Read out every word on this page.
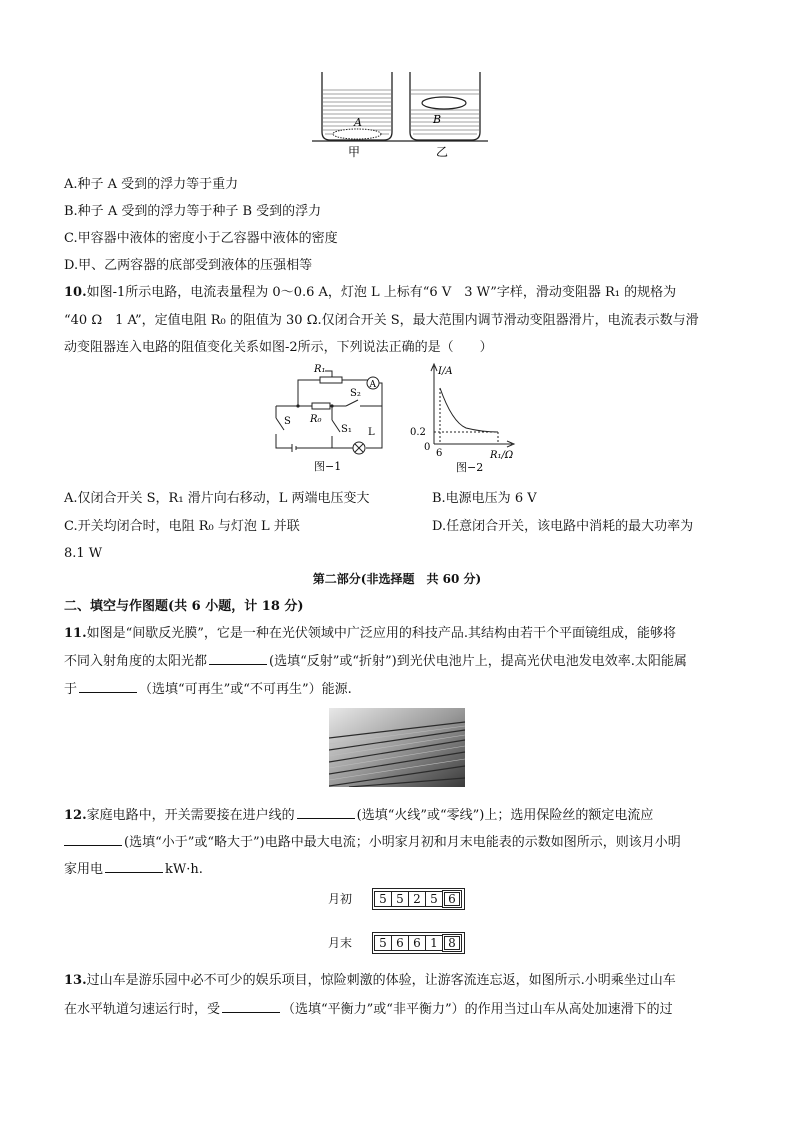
A	B
甲	乙
A.种子 A 受到的浮力等于重力
B.种子 A 受到的浮力等于种子 B 受到的浮力
C.甲容器中液体的密度小于乙容器中液体的密度
D.甲、乙两容器的底部受到液体的压强相等
10.如图-1所示电路，电流表量程为 0～0.6 A，灯泡 L 上标有“6 V　3 W”字样，滑动变阻器 R₁ 的规格为
“40 Ω　1 A”，定值电阻 R₀ 的阻值为 30 Ω.仅闭合开关 S，最大范围内调节滑动变阻器滑片，电流表示数与滑
动变阻器连入电路的阻值变化关系如图-2所示，下列说法正确的是（　　）
R₁
A
R₀
S₂
S
S₁ L
图−1
I/A
0.2
0
6	R₁/Ω
图−2
A.仅闭合开关 S，R₁ 滑片向右移动，L 两端电压变大	B.电源电压为 6 V
C.开关均闭合时，电阻 R₀ 与灯泡 L 并联	D.任意闭合开关，该电路中消耗的最大功率为
8.1 W
第二部分(非选择题　共 60 分)
二、填空与作图题(共 6 小题，计 18 分)
11.如图是“间歇反光膜”，它是一种在光伏领域中广泛应用的科技产品.其结构由若干个平面镜组成，能够将
不同入射角度的太阳光都	(选填“反射”或“折射”)到光伏电池片上，提高光伏电池发电效率.太阳能属
于	（选填“可再生”或“不可再生”）能源.
12.家庭电路中，开关需要接在进户线的	(选填“火线”或“零线”)上；选用保险丝的额定电流应
(选填“小于”或“略大于”)电路中最大电流；小明家月初和月末电能表的示数如图所示，则该月小明
家用电	kW·h.
月初 5 5 2 5 6
月末 5 6 6 1 8
13.过山车是游乐园中必不可少的娱乐项目，惊险刺激的体验，让游客流连忘返，如图所示.小明乘坐过山车
在水平轨道匀速运行时，受	（选填“平衡力”或“非平衡力”）的作用当过山车从高处加速滑下的过
